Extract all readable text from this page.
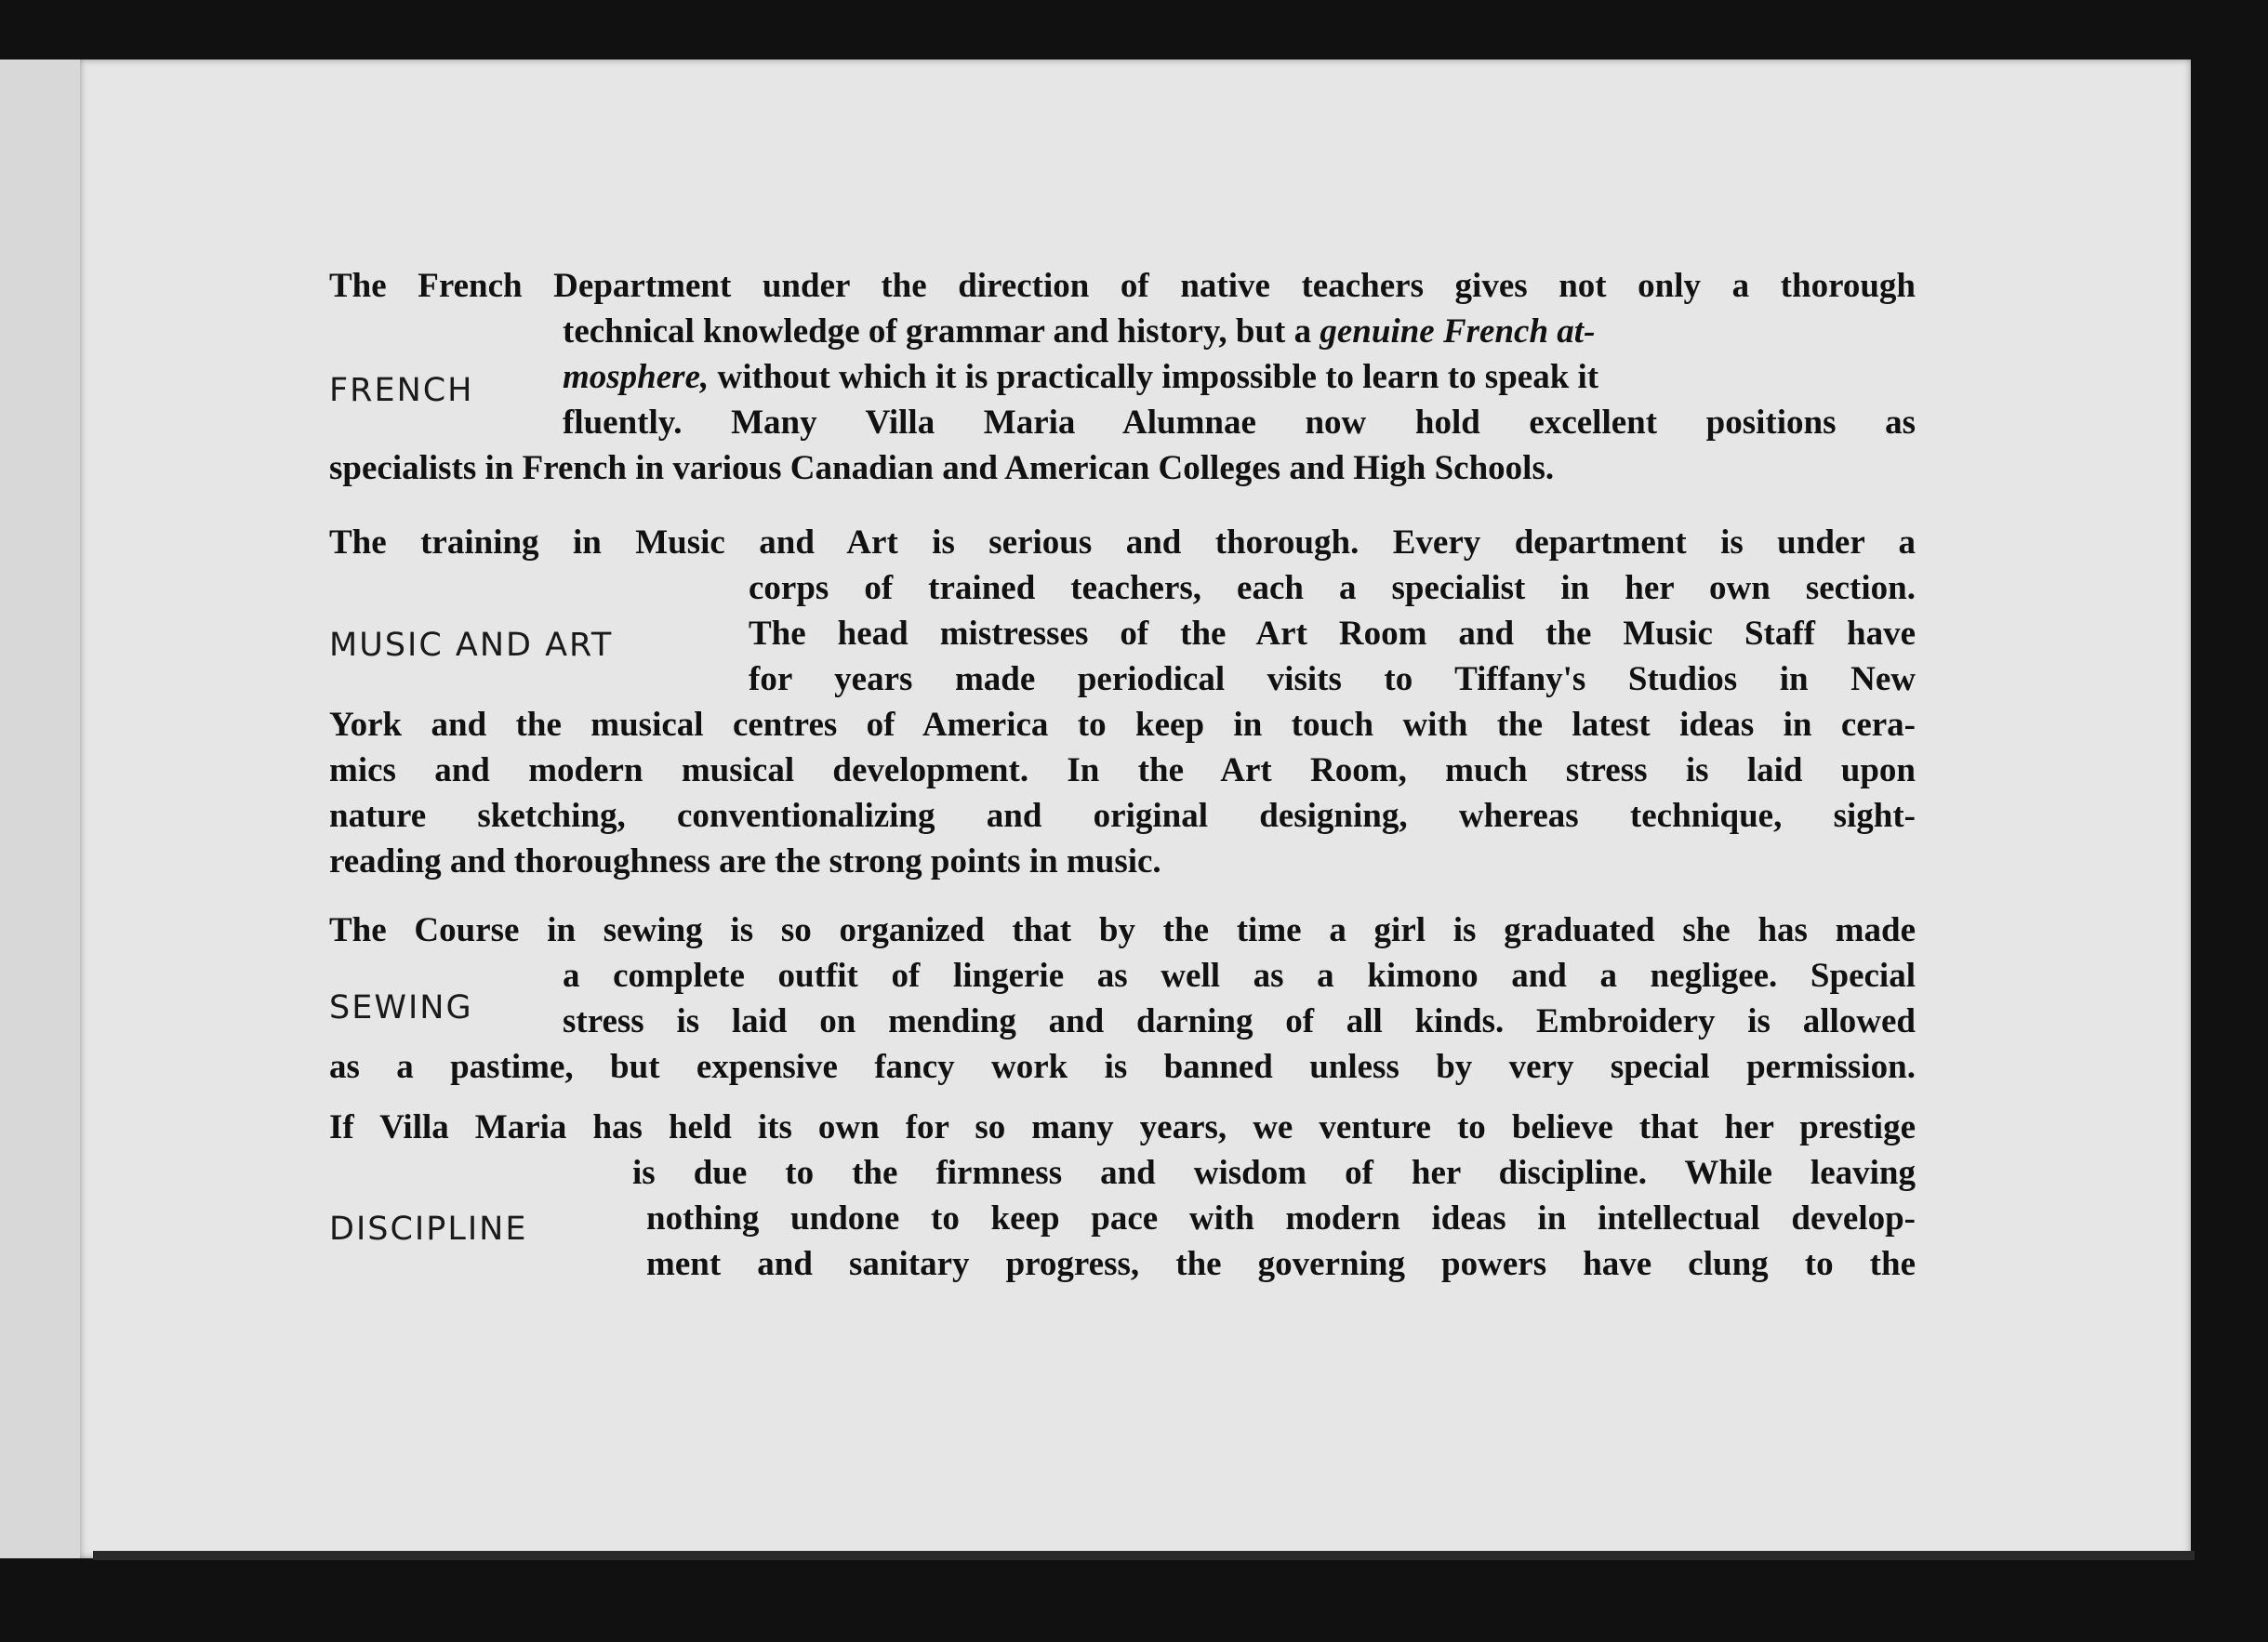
The French Department under the direction of native teachers gives not only a thorough
technical knowledge of grammar and history, but a genuine French at-
FRENCH	mosphere, without which it is practically impossible to learn to speak it
fluently. Many Villa Maria Alumnae now hold excellent positions as
specialists in French in various Canadian and American Colleges and High Schools.
The training in Music and Art is serious and thorough. Every department is under a
corps of trained teachers, each a specialist in her own section.
MUSIC AND ART	The head mistresses of the Art Room and the Music Staff have
for years made periodical visits to Tiffany's Studios in New
York and the musical centres of America to keep in touch with the latest ideas in cera-
mics and modern musical development. In the Art Room, much stress is laid upon
nature sketching, conventionalizing and original designing, whereas technique, sight-
reading and thoroughness are the strong points in music.
The Course in sewing is so organized that by the time a girl is graduated she has made
a complete outfit of lingerie as well as a kimono and a negligee. Special
SEWING	stress is laid on mending and darning of all kinds. Embroidery is allowed
as a pastime, but expensive fancy work is banned unless by very special permission.
If Villa Maria has held its own for so many years, we venture to believe that her prestige
is due to the firmness and wisdom of her discipline. While leaving
DISCIPLINE	nothing undone to keep pace with modern ideas in intellectual develop-
ment and sanitary progress, the governing powers have clung to the
